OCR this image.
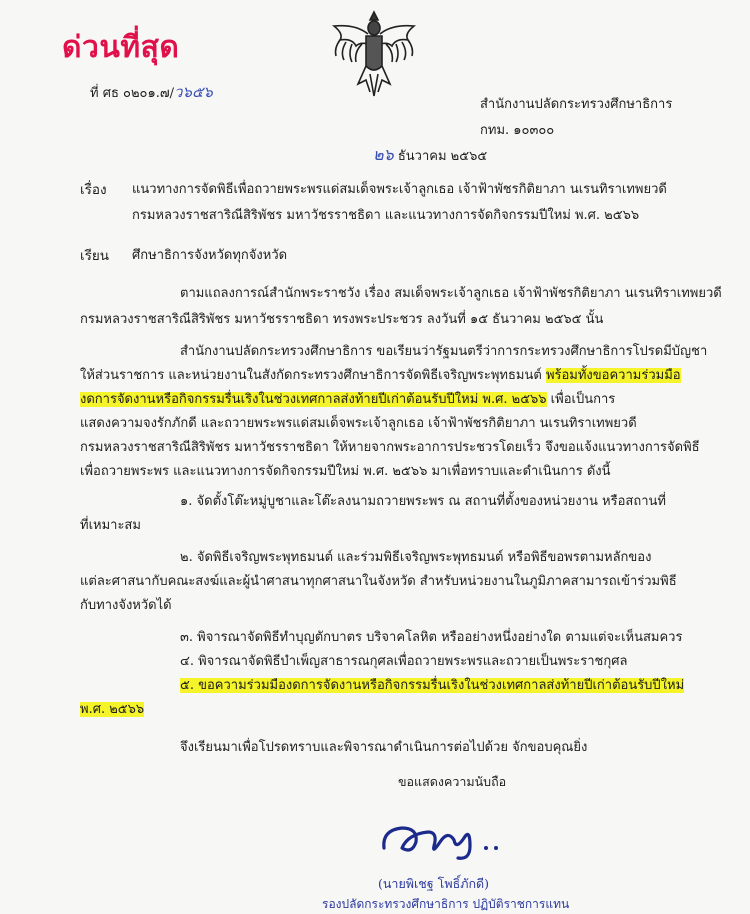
ด่วนที่สุด
ที่ ศธ ๐๒๐๑.๗/ว๖๕๖
สำนักงานปลัดกระทรวงศึกษาธิการ
กทม. ๑๐๓๐๐
๒๖ ธันวาคม ๒๕๖๕
เรื่อง แนวทางการจัดพิธีเพื่อถวายพระพรแด่สมเด็จพระเจ้าลูกเธอ เจ้าฟ้าพัชรกิติยาภา นเรนทิราเทพยวดี
กรมหลวงราชสาริณีสิริพัชร มหาวัชรราชธิดา และแนวทางการจัดกิจกรรมปีใหม่ พ.ศ. ๒๕๖๖
เรียน ศึกษาธิการจังหวัดทุกจังหวัด
ตามแถลงการณ์สำนักพระราชวัง เรื่อง สมเด็จพระเจ้าลูกเธอ เจ้าฟ้าพัชรกิติยาภา นเรนทิราเทพยวดี
กรมหลวงราชสาริณีสิริพัชร มหาวัชรราชธิดา ทรงพระประชวร ลงวันที่ ๑๕ ธันวาคม ๒๕๖๕ นั้น
สำนักงานปลัดกระทรวงศึกษาธิการ ขอเรียนว่ารัฐมนตรีว่าการกระทรวงศึกษาธิการโปรดมีบัญชา
ให้ส่วนราชการ และหน่วยงานในสังกัดกระทรวงศึกษาธิการจัดพิธีเจริญพระพุทธมนต์ พร้อมทั้งขอความร่วมมือ
งดการจัดงานหรือกิจกรรมรื่นเริงในช่วงเทศกาลส่งท้ายปีเก่าต้อนรับปีใหม่ พ.ศ. ๒๕๖๖ เพื่อเป็นการ
แสดงความจงรักภักดี และถวายพระพรแด่สมเด็จพระเจ้าลูกเธอ เจ้าฟ้าพัชรกิติยาภา นเรนทิราเทพยวดี
กรมหลวงราชสาริณีสิริพัชร มหาวัชรราชธิดา ให้หายจากพระอาการประชวรโดยเร็ว จึงขอแจ้งแนวทางการจัดพิธี
เพื่อถวายพระพร และแนวทางการจัดกิจกรรมปีใหม่ พ.ศ. ๒๕๖๖ มาเพื่อทราบและดำเนินการ ดังนี้
๑. จัดตั้งโต๊ะหมู่บูชาและโต๊ะลงนามถวายพระพร ณ สถานที่ตั้งของหน่วยงาน หรือสถานที่
ที่เหมาะสม
๒. จัดพิธีเจริญพระพุทธมนต์ และร่วมพิธีเจริญพระพุทธมนต์ หรือพิธีขอพรตามหลักของ
แต่ละศาสนากับคณะสงฆ์และผู้นำศาสนาทุกศาสนาในจังหวัด สำหรับหน่วยงานในภูมิภาคสามารถเข้าร่วมพิธี
กับทางจังหวัดได้
๓. พิจารณาจัดพิธีทำบุญตักบาตร บริจาคโลหิต หรืออย่างหนึ่งอย่างใด ตามแต่จะเห็นสมควร
๔. พิจารณาจัดพิธีบำเพ็ญสาธารณกุศลเพื่อถวายพระพรและถวายเป็นพระราชกุศล
๕. ขอความร่วมมืองดการจัดงานหรือกิจกรรมรื่นเริงในช่วงเทศกาลส่งท้ายปีเก่าต้อนรับปีใหม่
พ.ศ. ๒๕๖๖
จึงเรียนมาเพื่อโปรดทราบและพิจารณาดำเนินการต่อไปด้วย จักขอบคุณยิ่ง
ขอแสดงความนับถือ
(นายพิเชฐ โพธิ์ภักดี)
รองปลัดกระทรวงศึกษาธิการ ปฏิบัติราชการแทน
